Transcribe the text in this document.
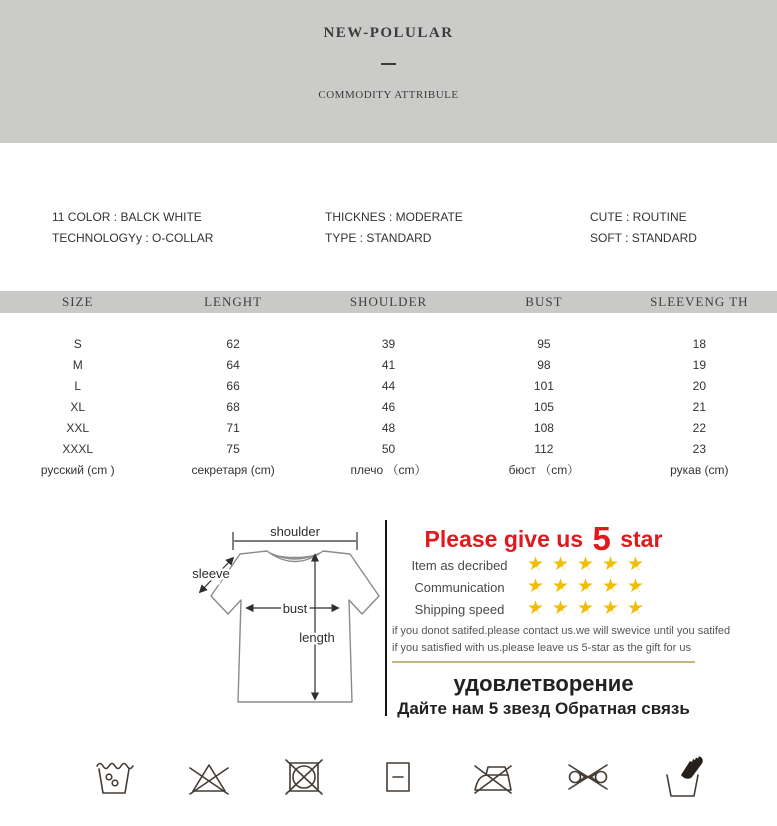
NEW-POLULAR
COMMODITY ATTRIBULE

11 COLOR : BALCK WHITE

TECHNOLOGYy : O-COLLAR

THICKNES : MODERATE

TYPE : STANDARD

CUTE : ROUTINE

SOFT : STANDARD

SIZE	LENGHT	SHOULDER	BUST	SLEEVENG TH
S	62	39	95	18
M	64	41	98	19
L	66	44	101	20
XL	68	46	105	21
XXL	71	48	108	22
XXXL	75	50	112	23
русский (cm )	секретаря (cm)	плечо （cm）	бюст （cm）	рукав (cm)
shoulder
sleeve
bust
length
Please give us 5 star
Item as decribed	★ ★ ★ ★ ★ ★ ★ ★ ★ ★
Communication	★ ★ ★ ★ ★ ★ ★ ★ ★ ★
Shipping speed	★ ★ ★ ★ ★ ★ ★ ★ ★ ★

if you donot satifed.please contact us.we will swevice until you satifed

if you satisfied with us.please leave us 5-star as the gift for us

удовлетворение
Дайте нам 5 звезд Обратная связь
